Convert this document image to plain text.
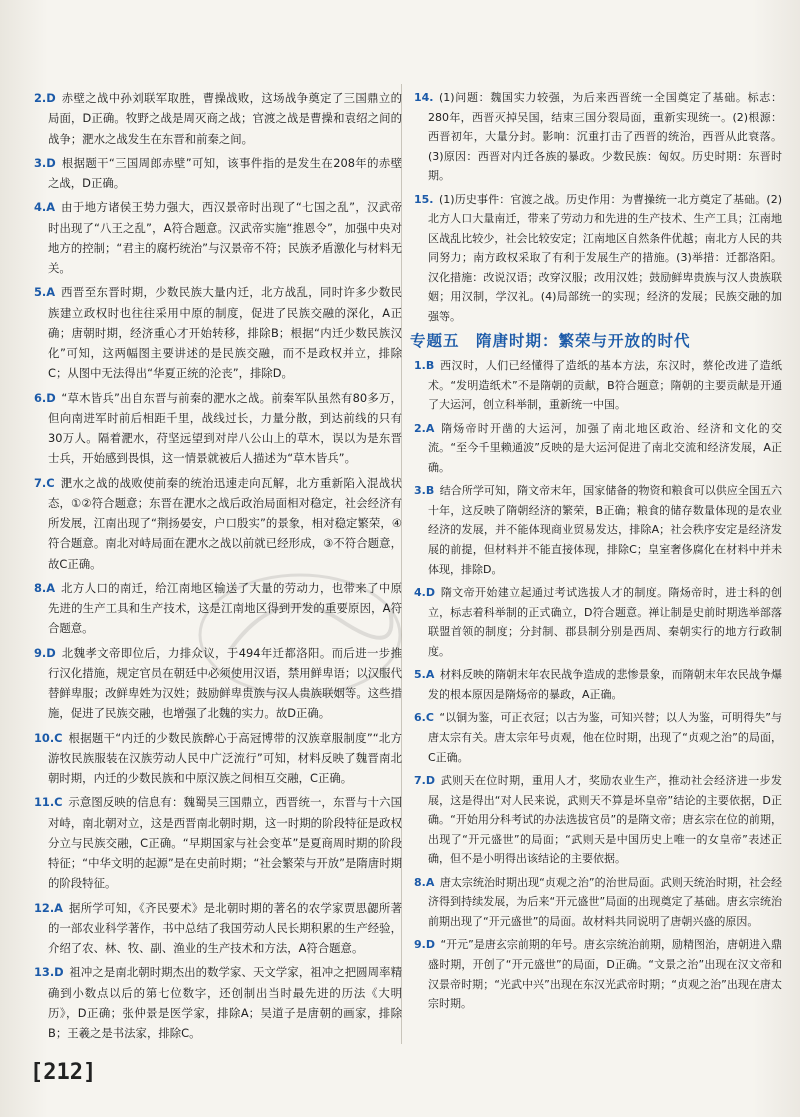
2.D  赤壁之战中孙刘联军取胜，曹操战败，这场战争奠定了三国鼎立的局面，D正确。牧野之战是周灭商之战；官渡之战是曹操和袁绍之间的战争；淝水之战发生在东晋和前秦之间。
3.D  根据题干“三国周郎赤壁”可知，该事件指的是发生在208年的赤壁之战，D正确。
4.A  由于地方诸侯王势力强大，西汉景帝时出现了“七国之乱”，汉武帝时出现了“八王之乱”，A符合题意。汉武帝实施“推恩令”，加强中央对地方的控制；“君主的腐朽统治”与汉景帝不符；民族矛盾激化与材料无关。
5.A  西晋至东晋时期，少数民族大量内迁，北方战乱，同时许多少数民族建立政权时也往往采用中原的制度，促进了民族交融的深化，A正确；唐朝时期，经济重心才开始转移，排除B；根据“内迁少数民族汉化”可知，这两幅图主要讲述的是民族交融，而不是政权并立，排除C；从图中无法得出“华夏正统的沦丧”，排除D。
6.D  “草木皆兵”出自东晋与前秦的淝水之战。前秦军队虽然有80多万，但向南进军时前后相距千里，战线过长，力量分散，到达前线的只有30万人。隔着淝水，苻坚远望到对岸八公山上的草木，误以为是东晋士兵，开始感到畏惧，这一情景就被后人描述为“草木皆兵”。
7.C  淝水之战的战败使前秦的统治迅速走向瓦解，北方重新陷入混战状态，①②符合题意；东晋在淝水之战后政治局面相对稳定，社会经济有所发展，江南出现了“荆扬晏安，户口殷实”的景象，相对稳定繁荣，④符合题意。南北对峙局面在淝水之战以前就已经形成，③不符合题意，故C正确。
8.A  北方人口的南迁，给江南地区输送了大量的劳动力，也带来了中原先进的生产工具和生产技术，这是江南地区得到开发的重要原因，A符合题意。
9.D  北魏孝文帝即位后，力排众议，于494年迁都洛阳。而后进一步推行汉化措施，规定官员在朝廷中必须使用汉语，禁用鲜卑语；以汉服代替鲜卑服；改鲜卑姓为汉姓；鼓励鲜卑贵族与汉人贵族联姻等。这些措施，促进了民族交融，也增强了北魏的实力。故D正确。
10.C  根据题干“内迁的少数民族醉心于高冠博带的汉族章服制度”“北方游牧民族服装在汉族劳动人民中广泛流行”可知，材料反映了魏晋南北朝时期，内迁的少数民族和中原汉族之间相互交融，C正确。
11.C  示意图反映的信息有：魏蜀吴三国鼎立，西晋统一，东晋与十六国对峙，南北朝对立，这是西晋南北朝时期，这一时期的阶段特征是政权分立与民族交融，C正确。“早期国家与社会变革”是夏商周时期的阶段特征；“中华文明的起源”是在史前时期；“社会繁荣与开放”是隋唐时期的阶段特征。
12.A  据所学可知，《齐民要术》是北朝时期的著名的农学家贾思勰所著的一部农业科学著作，书中总结了我国劳动人民长期积累的生产经验，介绍了农、林、牧、副、渔业的生产技术和方法，A符合题意。
13.D  祖冲之是南北朝时期杰出的数学家、天文学家，祖冲之把圆周率精确到小数点以后的第七位数字，还创制出当时最先进的历法《大明历》，D正确；张仲景是医学家，排除A；吴道子是唐朝的画家，排除B；王羲之是书法家，排除C。
14.  (1)问题：魏国实力较强，为后来西晋统一全国奠定了基础。标志：280年，西晋灭掉吴国，结束三国分裂局面，重新实现统一。(2)根源：西晋初年，大量分封。影响：沉重打击了西晋的统治，西晋从此衰落。(3)原因：西晋对内迁各族的暴政。少数民族：匈奴。历史时期：东晋时期。
15.  (1)历史事件：官渡之战。历史作用：为曹操统一北方奠定了基础。(2)北方人口大量南迁，带来了劳动力和先进的生产技术、生产工具；江南地区战乱比较少，社会比较安定；江南地区自然条件优越；南北方人民的共同努力；南方政权采取了有利于发展生产的措施。(3)举措：迁都洛阳。汉化措施：改说汉语；改穿汉服；改用汉姓；鼓励鲜卑贵族与汉人贵族联姻；用汉制，学汉礼。(4)局部统一的实现；经济的发展；民族交融的加强等。
专题五　隋唐时期：繁荣与开放的时代
1.B  西汉时，人们已经懂得了造纸的基本方法，东汉时，蔡伦改进了造纸术。“发明造纸术”不是隋朝的贡献，B符合题意；隋朝的主要贡献是开通了大运河，创立科举制，重新统一中国。
2.A  隋炀帝时开凿的大运河，加强了南北地区政治、经济和文化的交流。“至今千里赖通波”反映的是大运河促进了南北交流和经济发展，A正确。
3.B  结合所学可知，隋文帝末年，国家储备的物资和粮食可以供应全国五六十年，这反映了隋朝经济的繁荣，B正确；粮食的储存数量体现的是农业经济的发展，并不能体现商业贸易发达，排除A；社会秩序安定是经济发展的前提，但材料并不能直接体现，排除C；皇室奢侈腐化在材料中并未体现，排除D。
4.D  隋文帝开始建立起通过考试选拔人才的制度。隋炀帝时，进士科的创立，标志着科举制的正式确立，D符合题意。禅让制是史前时期选举部落联盟首领的制度；分封制、郡县制分别是西周、秦朝实行的地方行政制度。
5.A  材料反映的隋朝末年农民战争造成的悲惨景象，而隋朝末年农民战争爆发的根本原因是隋炀帝的暴政，A正确。
6.C  “以铜为鉴，可正衣冠；以古为鉴，可知兴替；以人为鉴，可明得失”与唐太宗有关。唐太宗年号贞观，他在位时期，出现了“贞观之治”的局面，C正确。
7.D  武则天在位时期，重用人才，奖励农业生产，推动社会经济进一步发展，这是得出“对人民来说，武则天不算是坏皇帝”结论的主要依据，D正确。“开始用分科考试的办法选拔官员”的是隋文帝；唐玄宗在位的前期，出现了“开元盛世”的局面；“武则天是中国历史上唯一的女皇帝”表述正确，但不是小明得出该结论的主要依据。
8.A  唐太宗统治时期出现“贞观之治”的治世局面。武则天统治时期，社会经济得到持续发展，为后来“开元盛世”局面的出现奠定了基础。唐玄宗统治前期出现了“开元盛世”的局面。故材料共同说明了唐朝兴盛的原因。
9.D  “开元”是唐玄宗前期的年号。唐玄宗统治前期，励精图治，唐朝进入鼎盛时期，开创了“开元盛世”的局面，D正确。“文景之治”出现在汉文帝和汉景帝时期；“光武中兴”出现在东汉光武帝时期；“贞观之治”出现在唐太宗时期。
[212]
